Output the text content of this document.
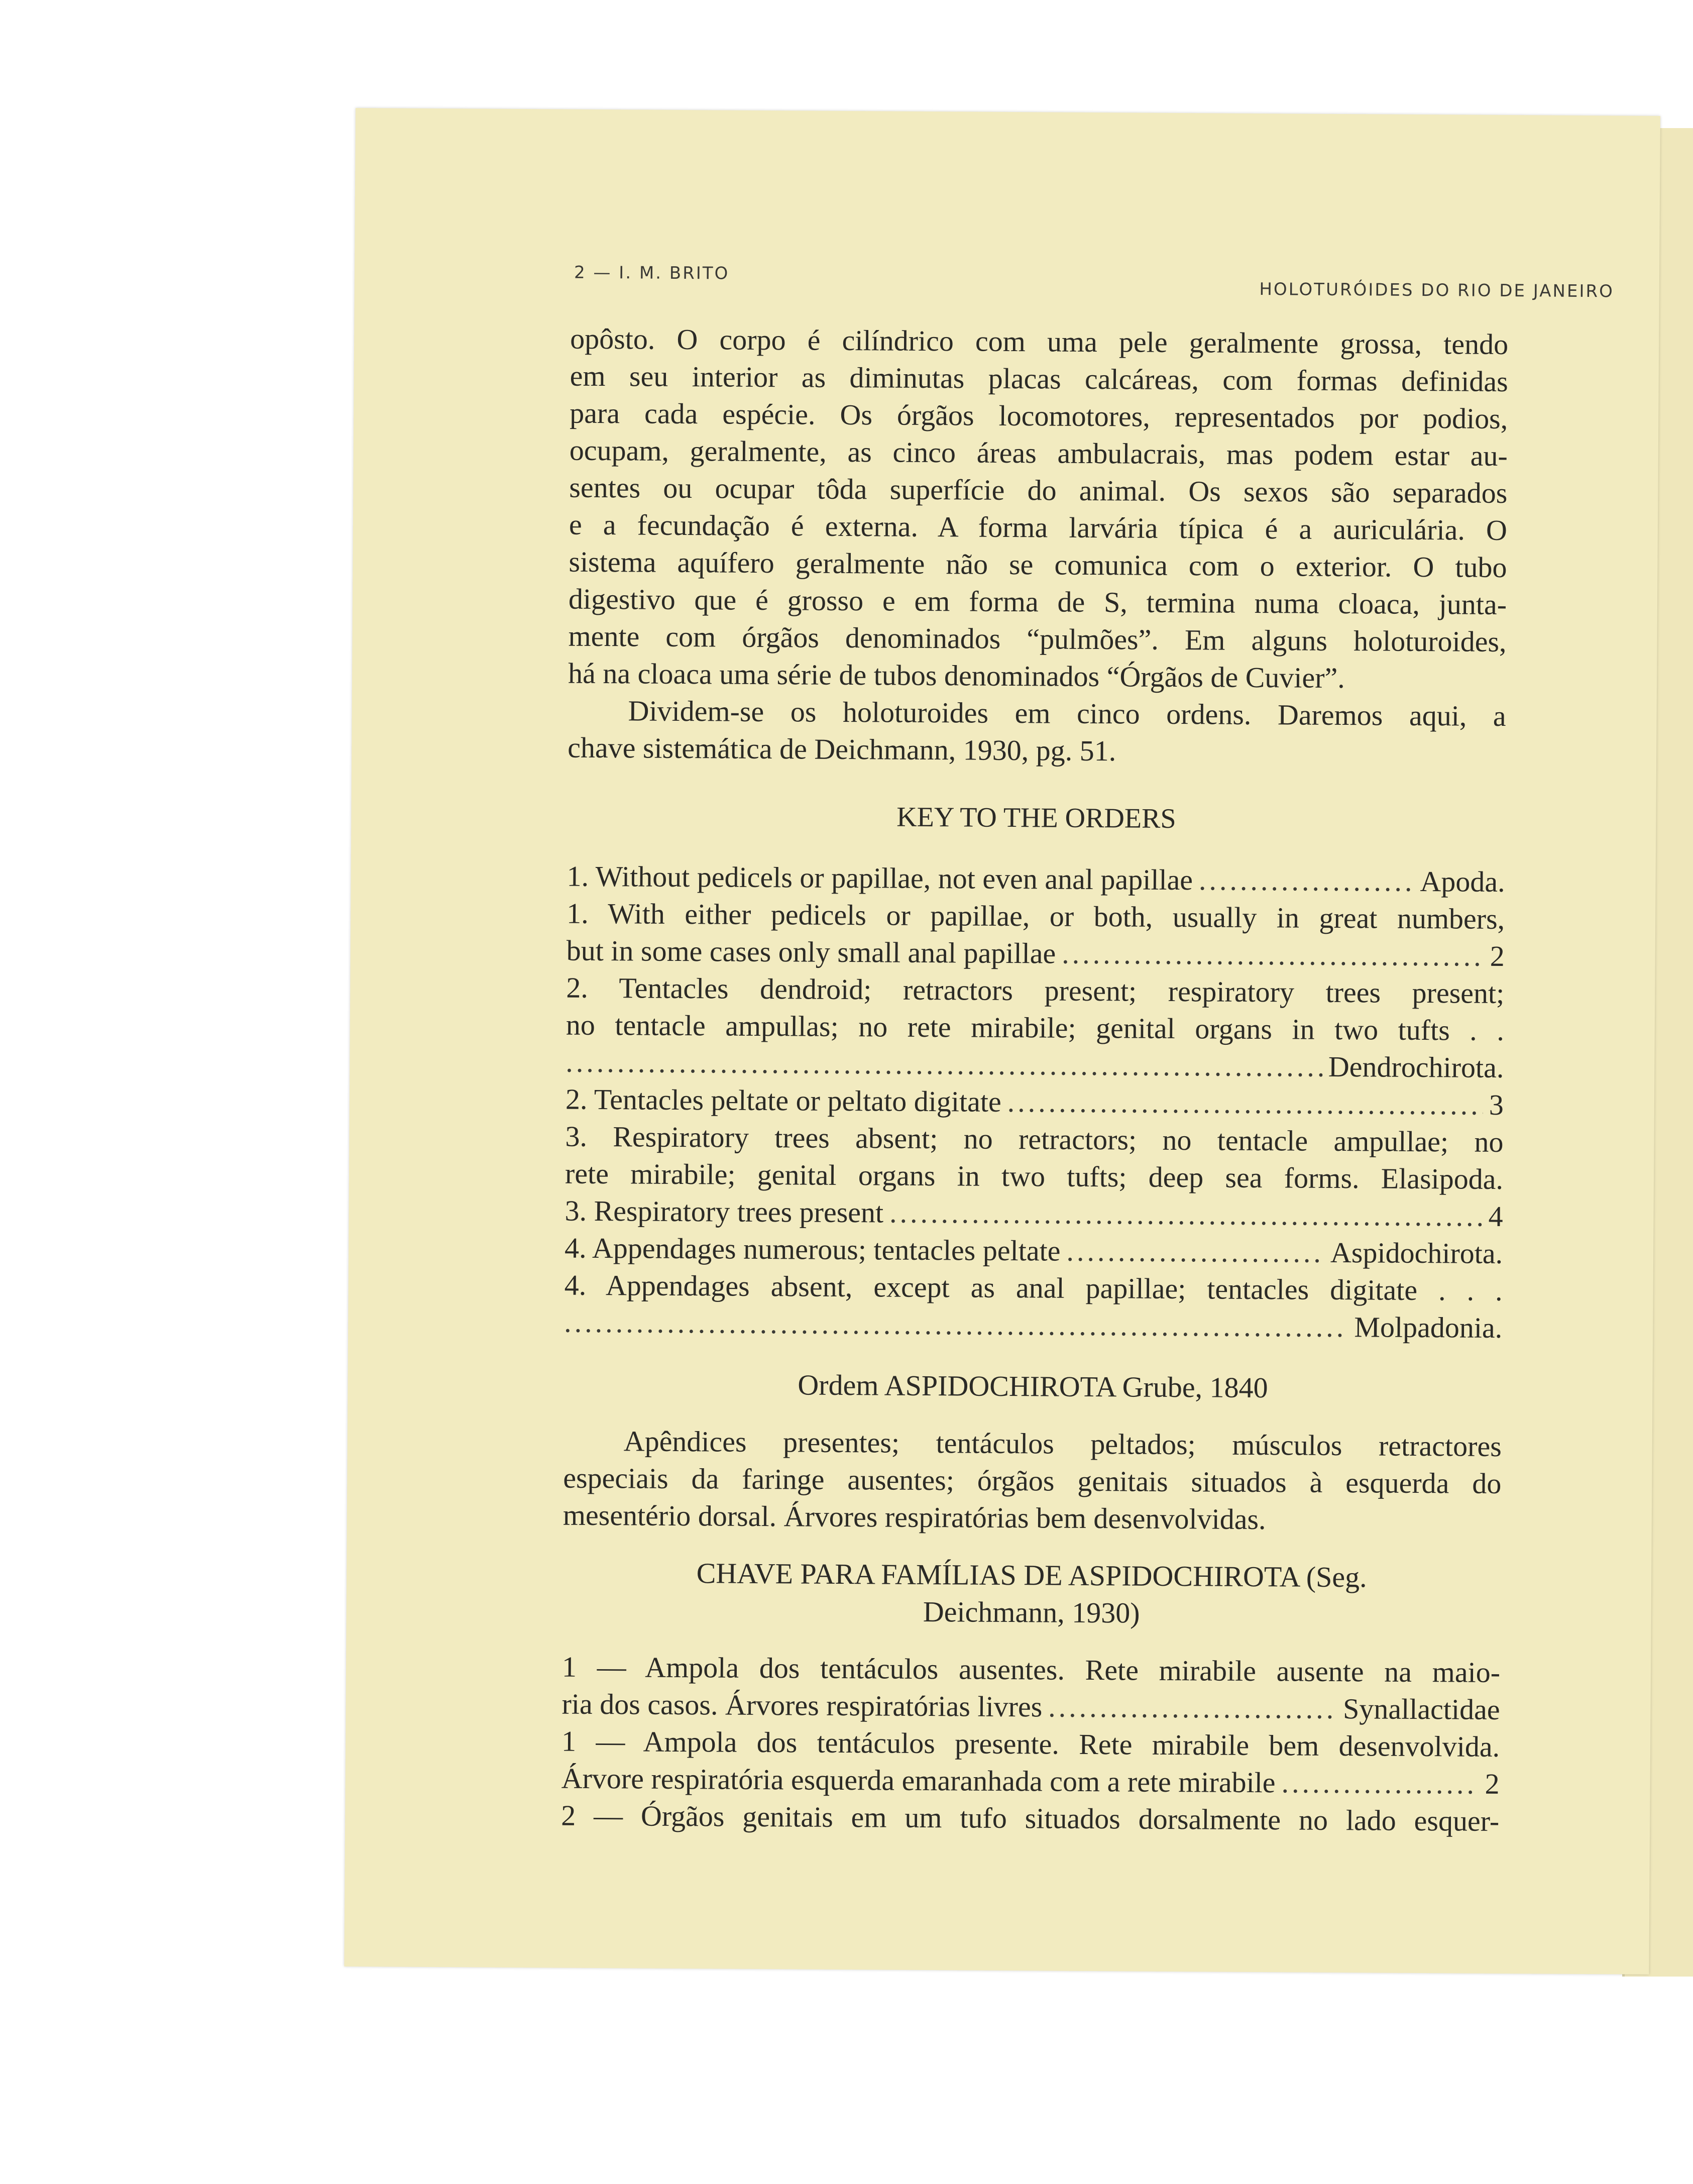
2 — I. M. BRITO
HOLOTURÓIDES DO RIO DE JANEIRO
opôsto. O corpo é cilíndrico com uma pele geralmente grossa, tendo
em seu interior as diminutas placas calcáreas, com formas definidas
para cada espécie. Os órgãos locomotores, representados por podios,
ocupam, geralmente, as cinco áreas ambulacrais, mas podem estar au-
sentes ou ocupar tôda superfície do animal. Os sexos são separados
e a fecundação é externa. A forma larvária típica é a auriculária. O
sistema aquífero geralmente não se comunica com o exterior. O tubo
digestivo que é grosso e em forma de S, termina numa cloaca, junta-
mente com órgãos denominados “pulmões”. Em alguns holoturoides,
há na cloaca uma série de tubos denominados “Órgãos de Cuvier”.
Dividem-se os holoturoides em cinco ordens. Daremos aqui, a
chave sistemática de Deichmann, 1930, pg. 51.

KEY TO THE ORDERS

1. Without pedicels or papillae, not even anal papillae .....	Apoda.

1. With either pedicels or papillae, or both, usually in great numbers,

but in some cases only small anal papillae .....	2

2. Tentacles dendroid; retractors present; respiratory trees present;

no tentacle ampullas; no rete mirabile; genital organs in two tufts . .

.....
Dendrochirota.

2. Tentacles peltate or peltato digitate .....	3

3. Respiratory trees absent; no retractors; no tentacle ampullae; no

rete mirabile; genital organs in two tufts; deep sea forms. Elasipoda.

3. Respiratory trees present .....	4

4. Appendages numerous; tentacles peltate .....	Aspidochirota.

4. Appendages absent, except as anal papillae; tentacles digitate . . .

.....
Molpadonia.

Ordem ASPIDOCHIROTA Grube, 1840

Apêndices presentes; tentáculos peltados; músculos retractores
especiais da faringe ausentes; órgãos genitais situados à esquerda do
mesentério dorsal. Árvores respiratórias bem desenvolvidas.

CHAVE PARA FAMÍLIAS DE ASPIDOCHIROTA (Seg.

Deichmann, 1930)

1 — Ampola dos tentáculos ausentes. Rete mirabile ausente na maio-

ria dos casos. Árvores respiratórias livres .....	Synallactidae

1 — Ampola dos tentáculos presente. Rete mirabile bem desenvolvida.

Árvore respiratória esquerda emaranhada com a rete mirabile .....	2

2 — Órgãos genitais em um tufo situados dorsalmente no lado esquer-
